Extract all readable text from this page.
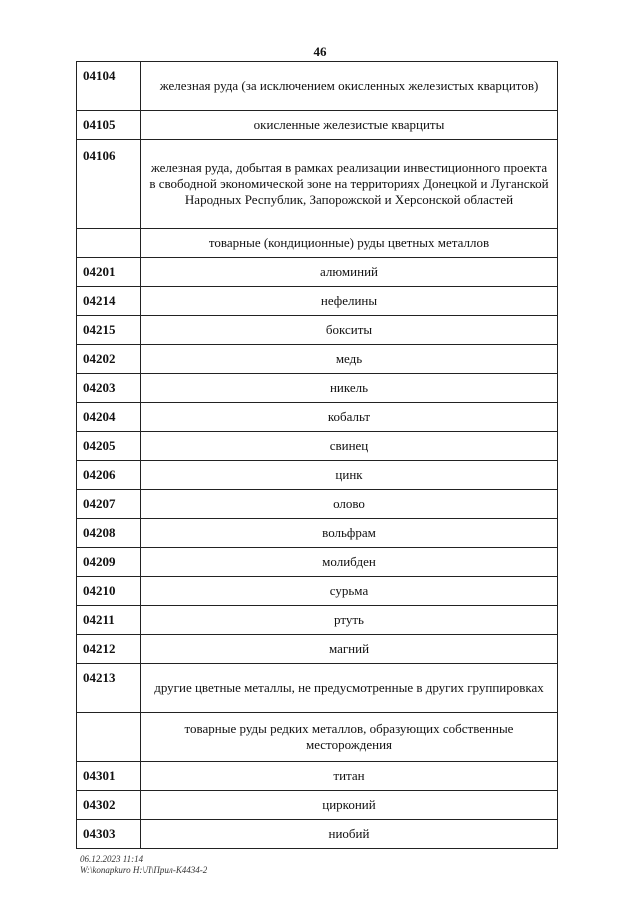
46
04104	железная руда (за исключением окисленных железистых кварцитов)
04105	окисленные железистые кварциты
04106	железная руда, добытая в рамках реализации инвестиционного проекта в свободной экономической зоне на территориях Донецкой и Луганской Народных Республик, Запорожской и Херсонской областей
	товарные (кондиционные) руды цветных металлов
04201	алюминий
04214	нефелины
04215	бокситы
04202	медь
04203	никель
04204	кобальт
04205	свинец
04206	цинк
04207	олово
04208	вольфрам
04209	молибден
04210	сурьма
04211	ртуть
04212	магний
04213	другие цветные металлы, не предусмотренные в других группировках
	товарные руды редких металлов, образующих собственные месторождения
04301	титан
04302	цирконий
04303	ниобий
06.12.2023 11:14
W:\konapkuro H:\Л\Прил-К4434-2
